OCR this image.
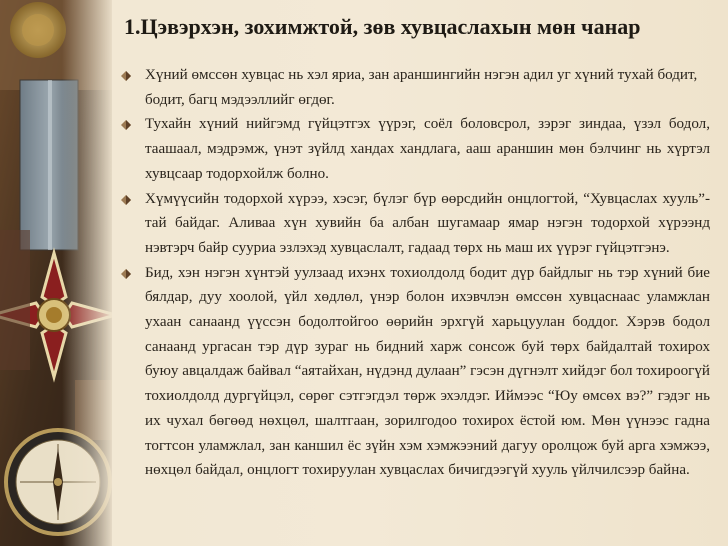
1.Цэвэрхэн, зохимжтой, зөв хувцаслахын мөн чанар
Хүний өмссөн хувцас нь хэл яриа, зан араншингийн нэгэн адил уг хүний тухай бодит, бодит, багц мэдээллийг өгдөг.
Тухайн хүний нийгэмд гүйцэтгэх үүрэг, соёл боловсрол, зэрэг зиндаа, үзэл бодол, таашаал, мэдрэмж, үнэт зүйлд хандах хандлага, ааш араншин мөн бэлчинг нь хүртэл хувцсаар тодорхойлж болно.
Хүмүүсийн тодорхой хүрээ, хэсэг, бүлэг бүр өөрсдийн онцлогтой, “Хувцаслах хууль”-тай байдаг. Аливаа хүн хувийн ба албан шугамаар ямар нэгэн тодорхой хүрээнд нэвтэрч байр сууриа эзлэхэд хувцаслалт, гадаад төрх нь маш их үүрэг гүйцэтгэнэ.
Бид, хэн нэгэн хүнтэй уулзаад ихэнх тохиолдолд бодит дүр байдлыг нь тэр хүний бие бялдар, дуу хоолой, үйл хөдлөл, үнэр болон ихэвчлэн өмссөн хувцаснаас уламжлан ухаан санаанд үүссэн бодолтойгоо өөрийн эрхгүй харьцуулан боддог. Хэрэв бодол санаанд ургасан тэр дүр зураг нь бидний харж сонсож буй төрх байдалтай тохирох буюу авцалдаж байвал “аятайхан, нүдэнд дулаан” гэсэн дүгнэлт хийдэг бол тохироогүй тохиолдолд дургүйцэл, сөрөг сэтгэгдэл төрж эхэлдэг. Иймээс “Юу өмсөх вэ?” гэдэг нь их чухал бөгөөд нөхцөл, шалтгаан, зорилгодоо тохирох ёстой юм. Мөн үүнээс гадна тогтсон уламжлал, зан каншил ёс зүйн хэм хэмжээний дагуу оролцож буй арга хэмжээ, нөхцөл байдал, онцлогт тохируулан хувцаслах бичигдээгүй хууль үйлчилсээр байна.
